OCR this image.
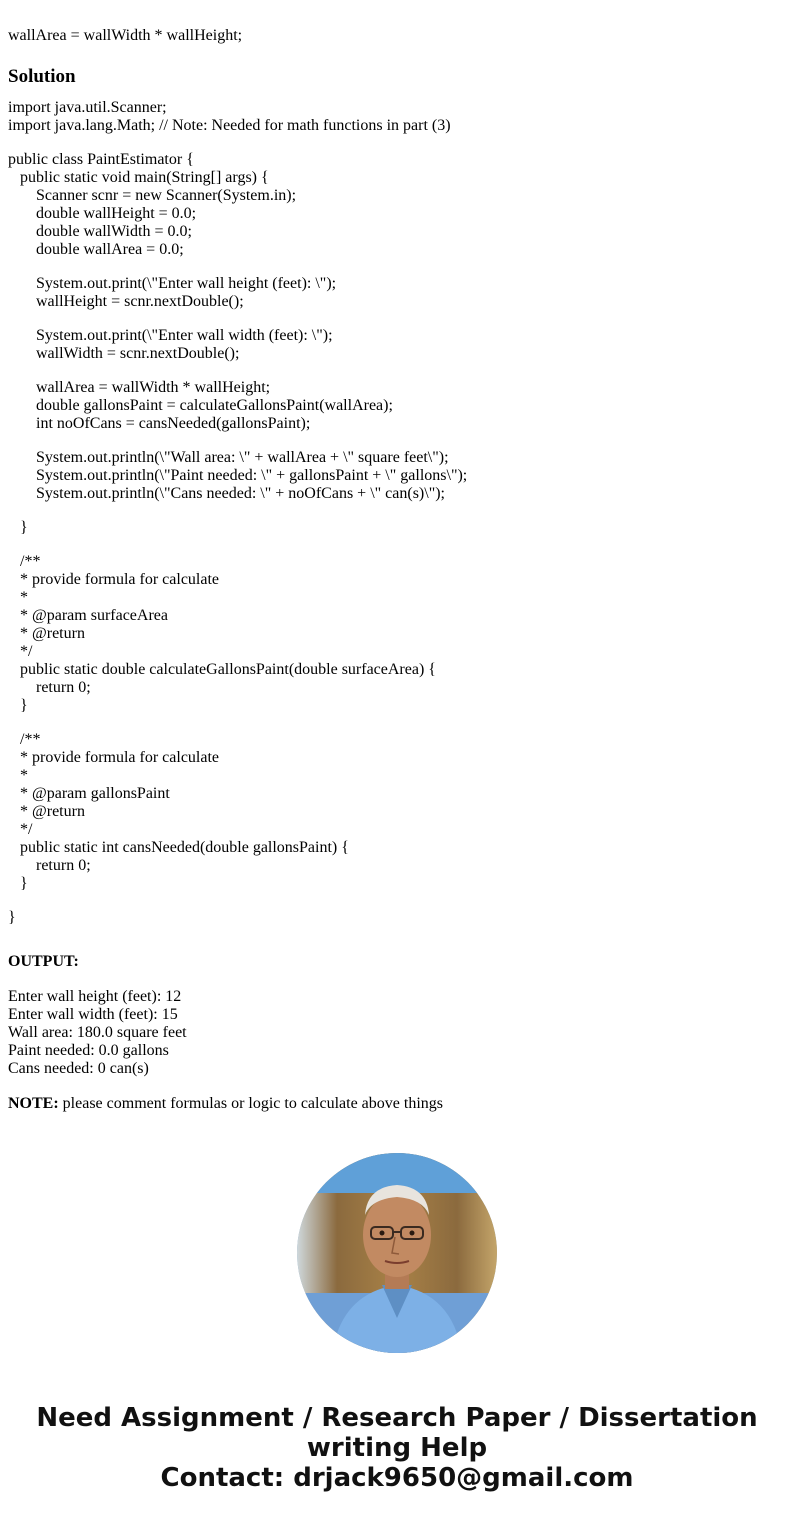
wallArea = wallWidth * wallHeight;
Solution
import java.util.Scanner;
import java.lang.Math; // Note: Needed for math functions in part (3)
public class PaintEstimator {
public static void main(String[] args) {
Scanner scnr = new Scanner(System.in);
double wallHeight = 0.0;
double wallWidth = 0.0;
double wallArea = 0.0;
System.out.print(\"Enter wall height (feet): \");
wallHeight = scnr.nextDouble();
System.out.print(\"Enter wall width (feet): \");
wallWidth = scnr.nextDouble();
wallArea = wallWidth * wallHeight;
double gallonsPaint = calculateGallonsPaint(wallArea);
int noOfCans = cansNeeded(gallonsPaint);
System.out.println(\"Wall area: \" + wallArea + \" square feet\");
System.out.println(\"Paint needed: \" + gallonsPaint + \" gallons\");
System.out.println(\"Cans needed: \" + noOfCans + \" can(s)\");
}
/**
* provide formula for calculate
*
* @param surfaceArea
* @return
*/
public static double calculateGallonsPaint(double surfaceArea) {
return 0;
}
/**
* provide formula for calculate
*
* @param gallonsPaint
* @return
*/
public static int cansNeeded(double gallonsPaint) {
return 0;
}
}
OUTPUT:
Enter wall height (feet): 12
Enter wall width (feet): 15
Wall area: 180.0 square feet
Paint needed: 0.0 gallons
Cans needed: 0 can(s)
NOTE: please comment formulas or logic to calculate above things
Need Assignment / Research Paper / Dissertation
writing Help
Contact: drjack9650@gmail.com
